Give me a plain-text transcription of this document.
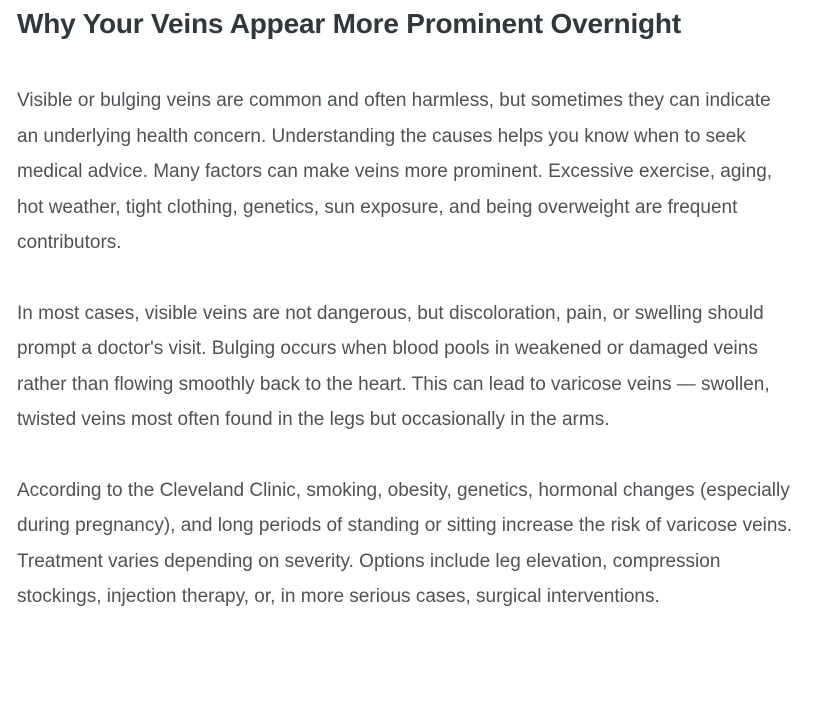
Why Your Veins Appear More Prominent Overnight

Visible or bulging veins are common and often harmless, but sometimes they can indicate an underlying health concern. Understanding the causes helps you know when to seek medical advice. Many factors can make veins more prominent. Excessive exercise, aging, hot weather, tight clothing, genetics, sun exposure, and being overweight are frequent contributors.

In most cases, visible veins are not dangerous, but discoloration, pain, or swelling should prompt a doctor's visit. Bulging occurs when blood pools in weakened or damaged veins rather than flowing smoothly back to the heart. This can lead to varicose veins — swollen, twisted veins most often found in the legs but occasionally in the arms.

According to the Cleveland Clinic, smoking, obesity, genetics, hormonal changes (especially during pregnancy), and long periods of standing or sitting increase the risk of varicose veins. Treatment varies depending on severity. Options include leg elevation, compression stockings, injection therapy, or, in more serious cases, surgical interventions.
